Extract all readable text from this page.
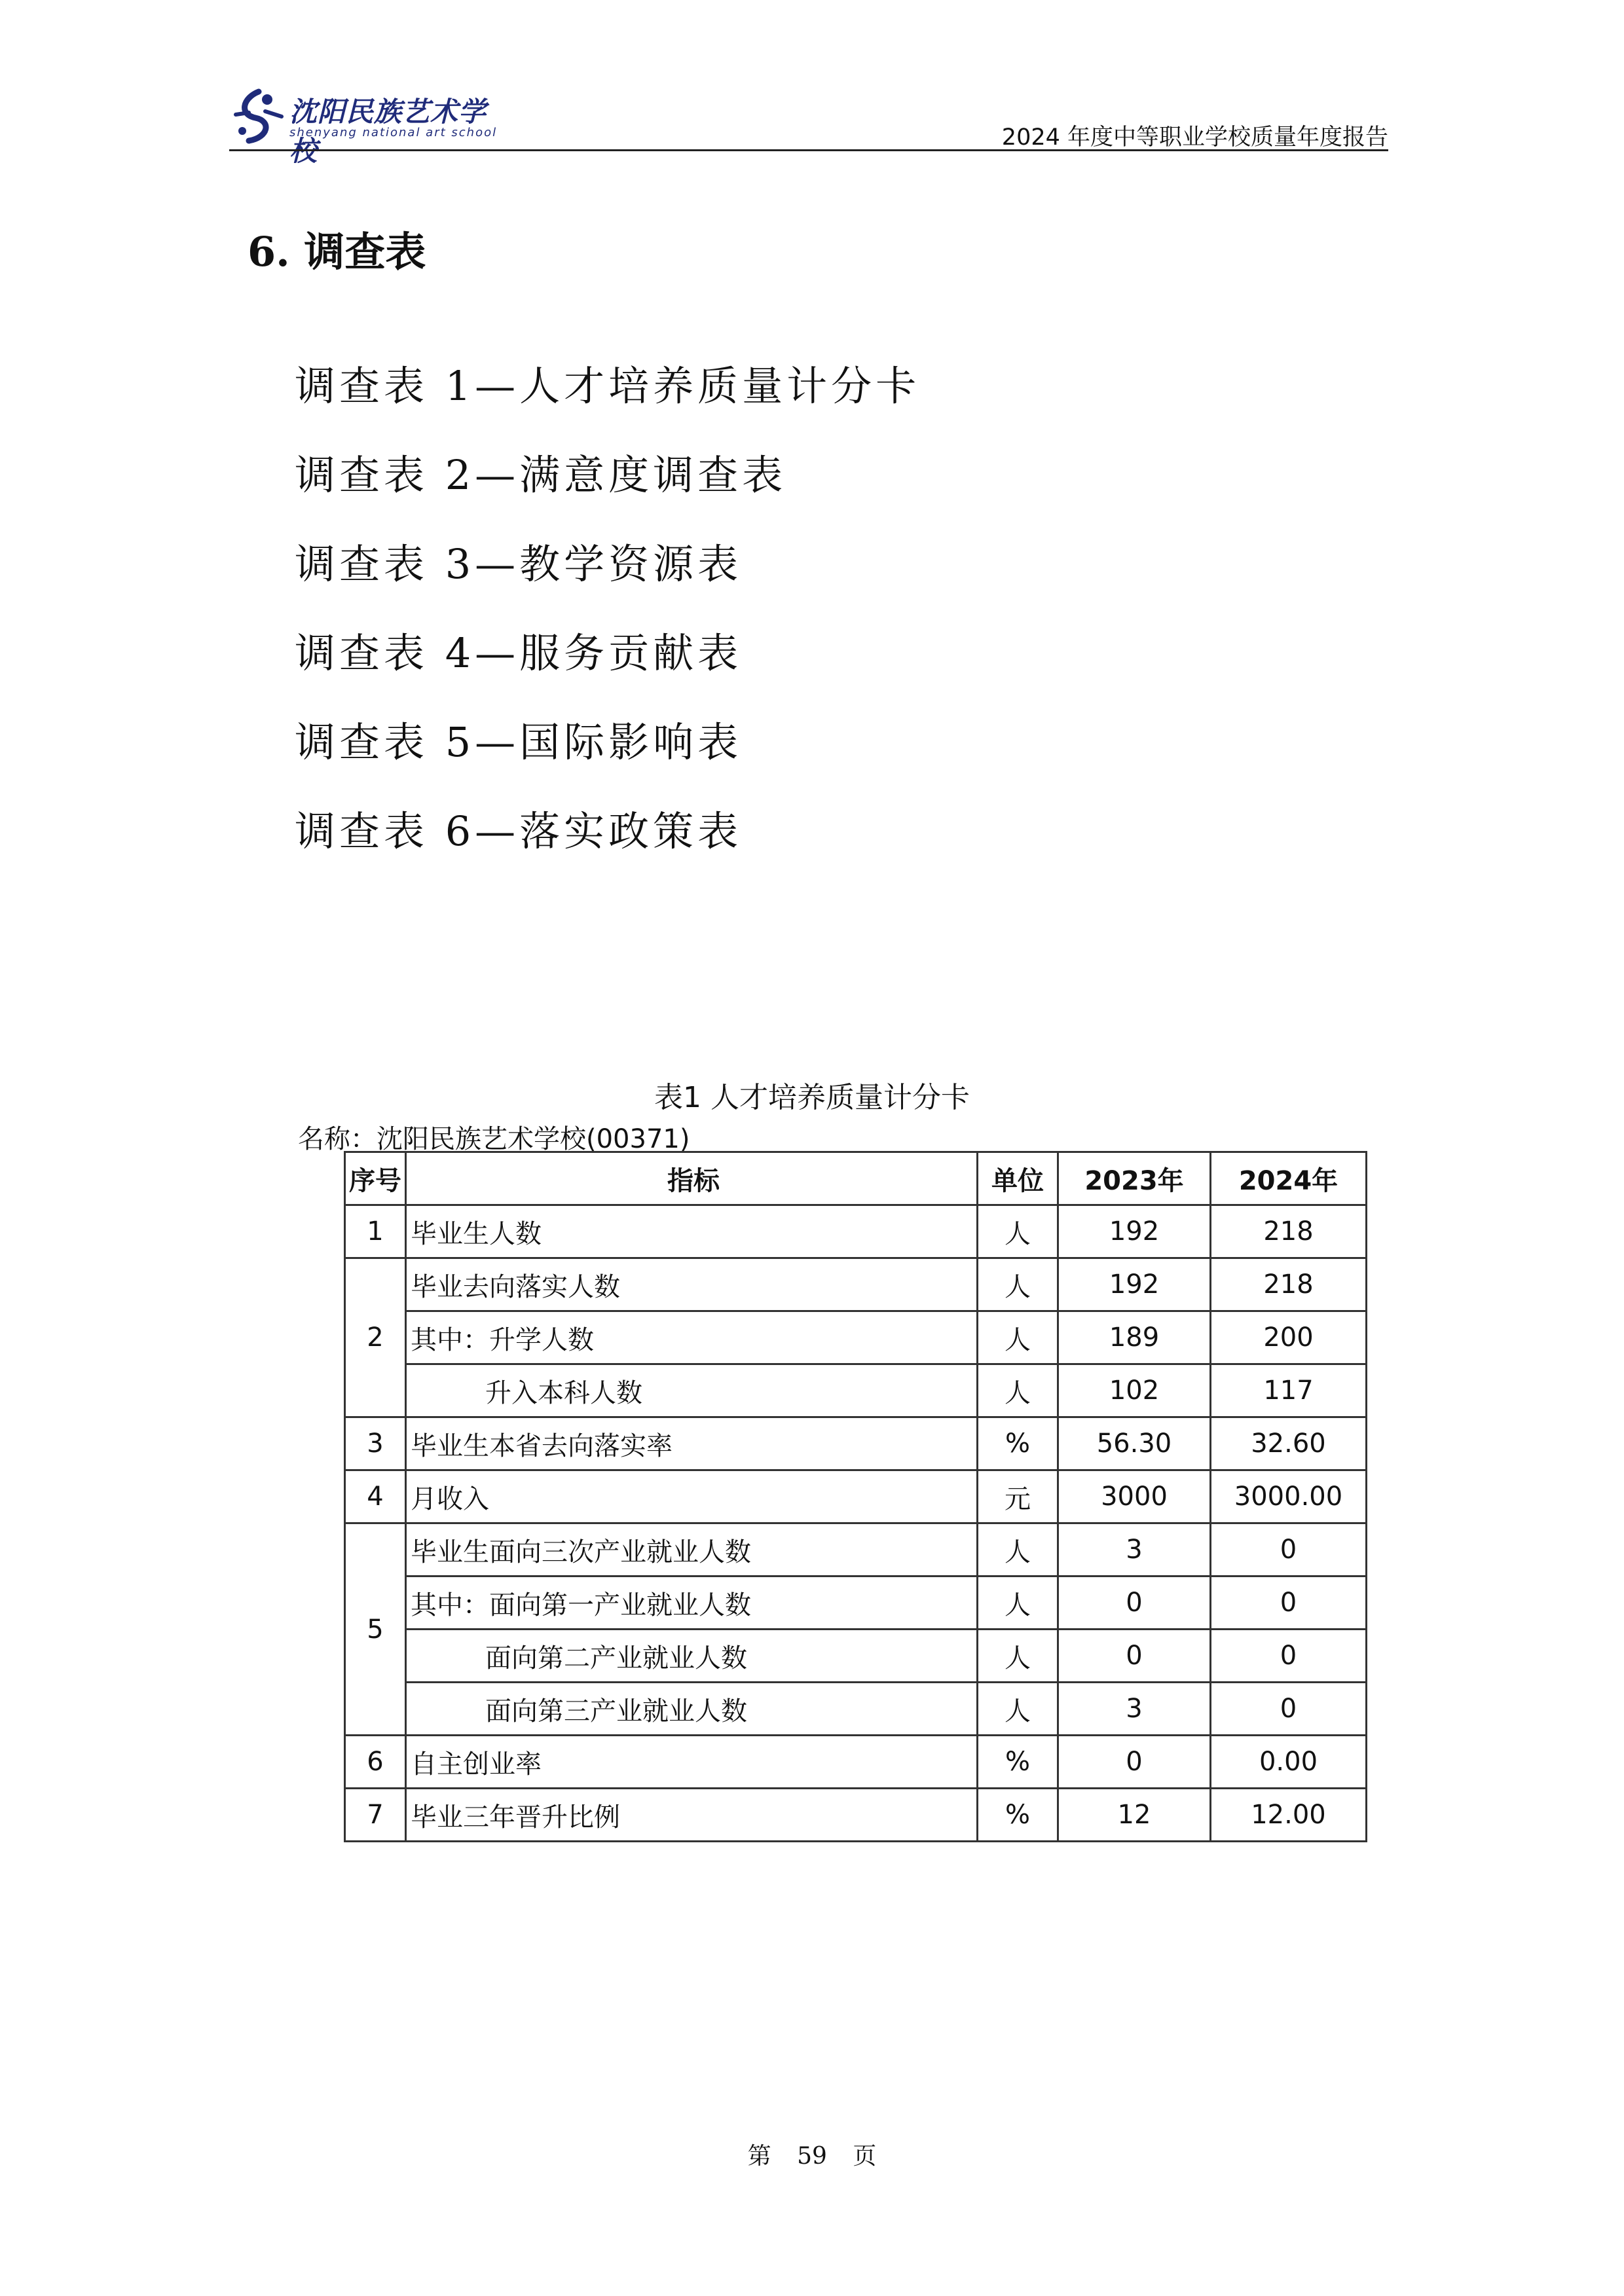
沈阳民族艺术学校
shenyang national art school	2024 年度中等职业学校质量年度报告
6. 调查表
调查表 1—人才培养质量计分卡
调查表 2—满意度调查表
调查表 3—教学资源表
调查表 4—服务贡献表
调查表 5—国际影响表
调查表 6—落实政策表
表1 人才培养质量计分卡
名称：沈阳民族艺术学校(00371)
序号	指标	单位	2023年	2024年
1	毕业生人数	人	192	218
2	毕业去向落实人数	人	192	218
	其中：升学人数	人	189	200
	升入本科人数	人	102	117
3	毕业生本省去向落实率	%	56.30	32.60
4	月收入	元	3000	3000.00
5	毕业生面向三次产业就业人数	人	3	0
	其中：面向第一产业就业人数	人	0	0
	面向第二产业就业人数	人	0	0
	面向第三产业就业人数	人	3	0
6	自主创业率	%	0	0.00
7	毕业三年晋升比例	%	12	12.00
第 59 页
